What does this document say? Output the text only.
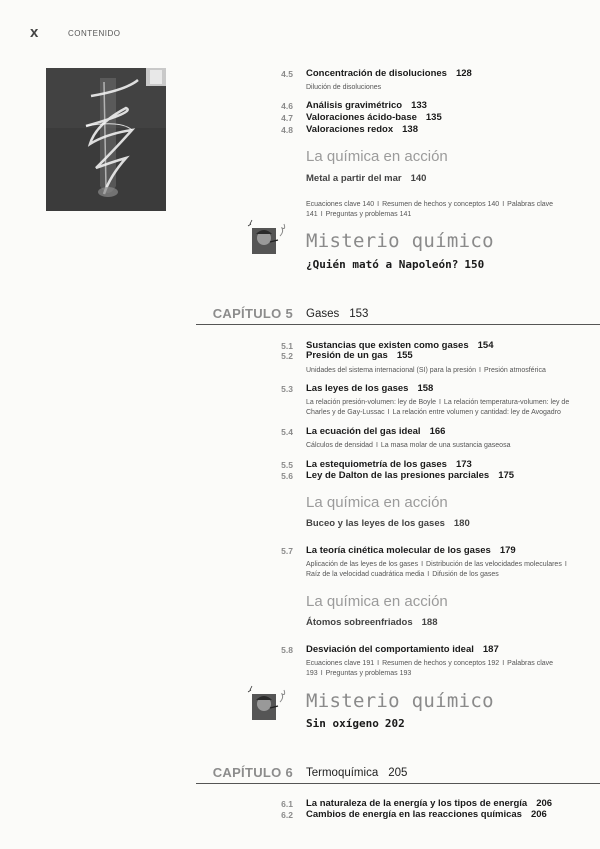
x	CONTENIDO
4.5 Concentración de disoluciones 128
Dilución de disoluciones
4.6 Análisis gravimétrico 133
4.7 Valoraciones ácido-base 135
4.8 Valoraciones redox 138
La química en acción
Metal a partir del mar 140
Ecuaciones clave 140 I Resumen de hechos y conceptos 140 I Palabras clave
141 I Preguntas y problemas 141
Misterio químico
¿Quién mató a Napoleón? 150
CAPÍTULO 5 Gases 153
5.1 Sustancias que existen como gases 154
5.2 Presión de un gas 155
Unidades del sistema internacional (SI) para la presión I Presión atmosférica
5.3 Las leyes de los gases 158
La relación presión-volumen: ley de Boyle I La relación temperatura-volumen: ley de
Charles y de Gay-Lussac I La relación entre volumen y cantidad: ley de Avogadro
5.4 La ecuación del gas ideal 166
Cálculos de densidad I La masa molar de una sustancia gaseosa
5.5 La estequiometría de los gases 173
5.6 Ley de Dalton de las presiones parciales 175
La química en acción
Buceo y las leyes de los gases 180
5.7 La teoría cinética molecular de los gases 179
Aplicación de las leyes de los gases I Distribución de las velocidades moleculares I
Raíz de la velocidad cuadrática media I Difusión de los gases
La química en acción
Átomos sobreenfriados 188
5.8 Desviación del comportamiento ideal 187
Ecuaciones clave 191 I Resumen de hechos y conceptos 192 I Palabras clave
193 I Preguntas y problemas 193
Misterio químico
Sin oxígeno 202
CAPÍTULO 6 Termoquímica 205
6.1 La naturaleza de la energía y los tipos de energía 206
6.2 Cambios de energía en las reacciones químicas 206
